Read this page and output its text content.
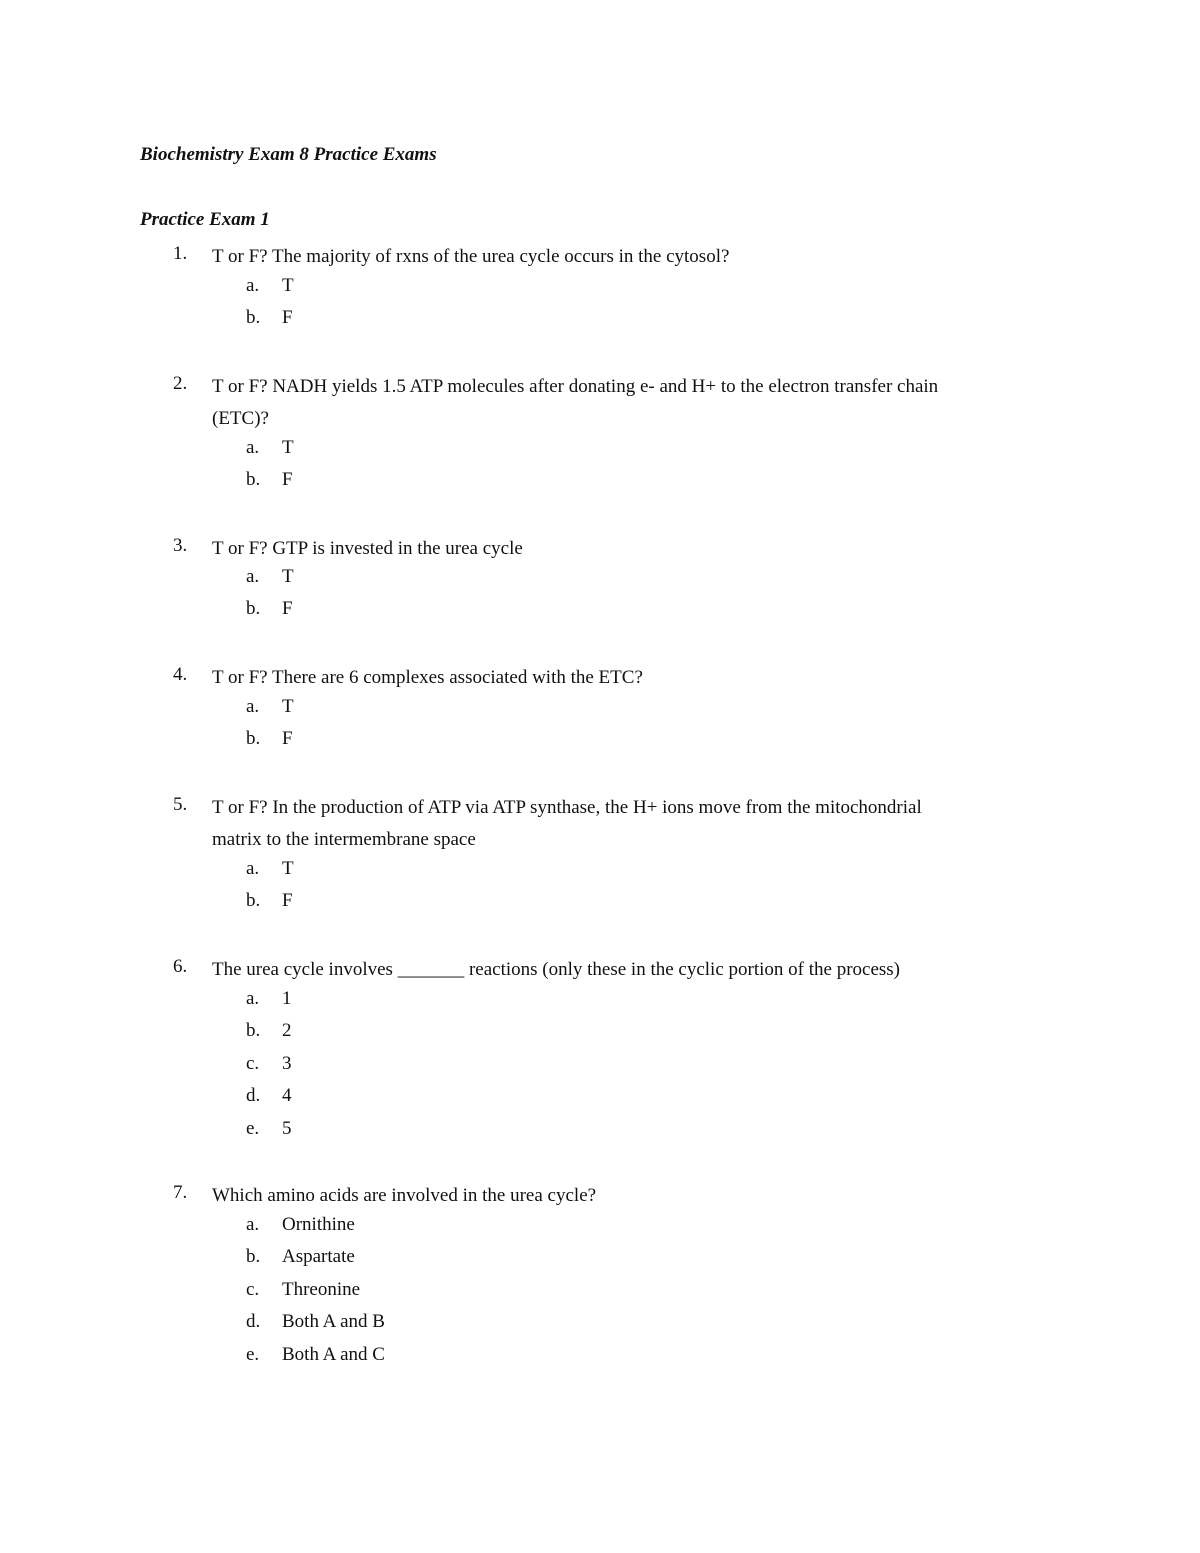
Biochemistry Exam 8 Practice Exams
Practice Exam 1
1. T or F? The majority of rxns of the urea cycle occurs in the cytosol?
a. T
b. F
2. T or F? NADH yields 1.5 ATP molecules after donating e- and H+ to the electron transfer chain
(ETC)?
a. T
b. F
3. T or F? GTP is invested in the urea cycle
a. T
b. F
4. T or F? There are 6 complexes associated with the ETC?
a. T
b. F
5. T or F? In the production of ATP via ATP synthase, the H+ ions move from the mitochondrial
matrix to the intermembrane space
a. T
b. F
6. The urea cycle involves _______ reactions (only these in the cyclic portion of the process)
a. 1
b. 2
c. 3
d. 4
e. 5
7. Which amino acids are involved in the urea cycle?
a. Ornithine
b. Aspartate
c. Threonine
d. Both A and B
e. Both A and C
